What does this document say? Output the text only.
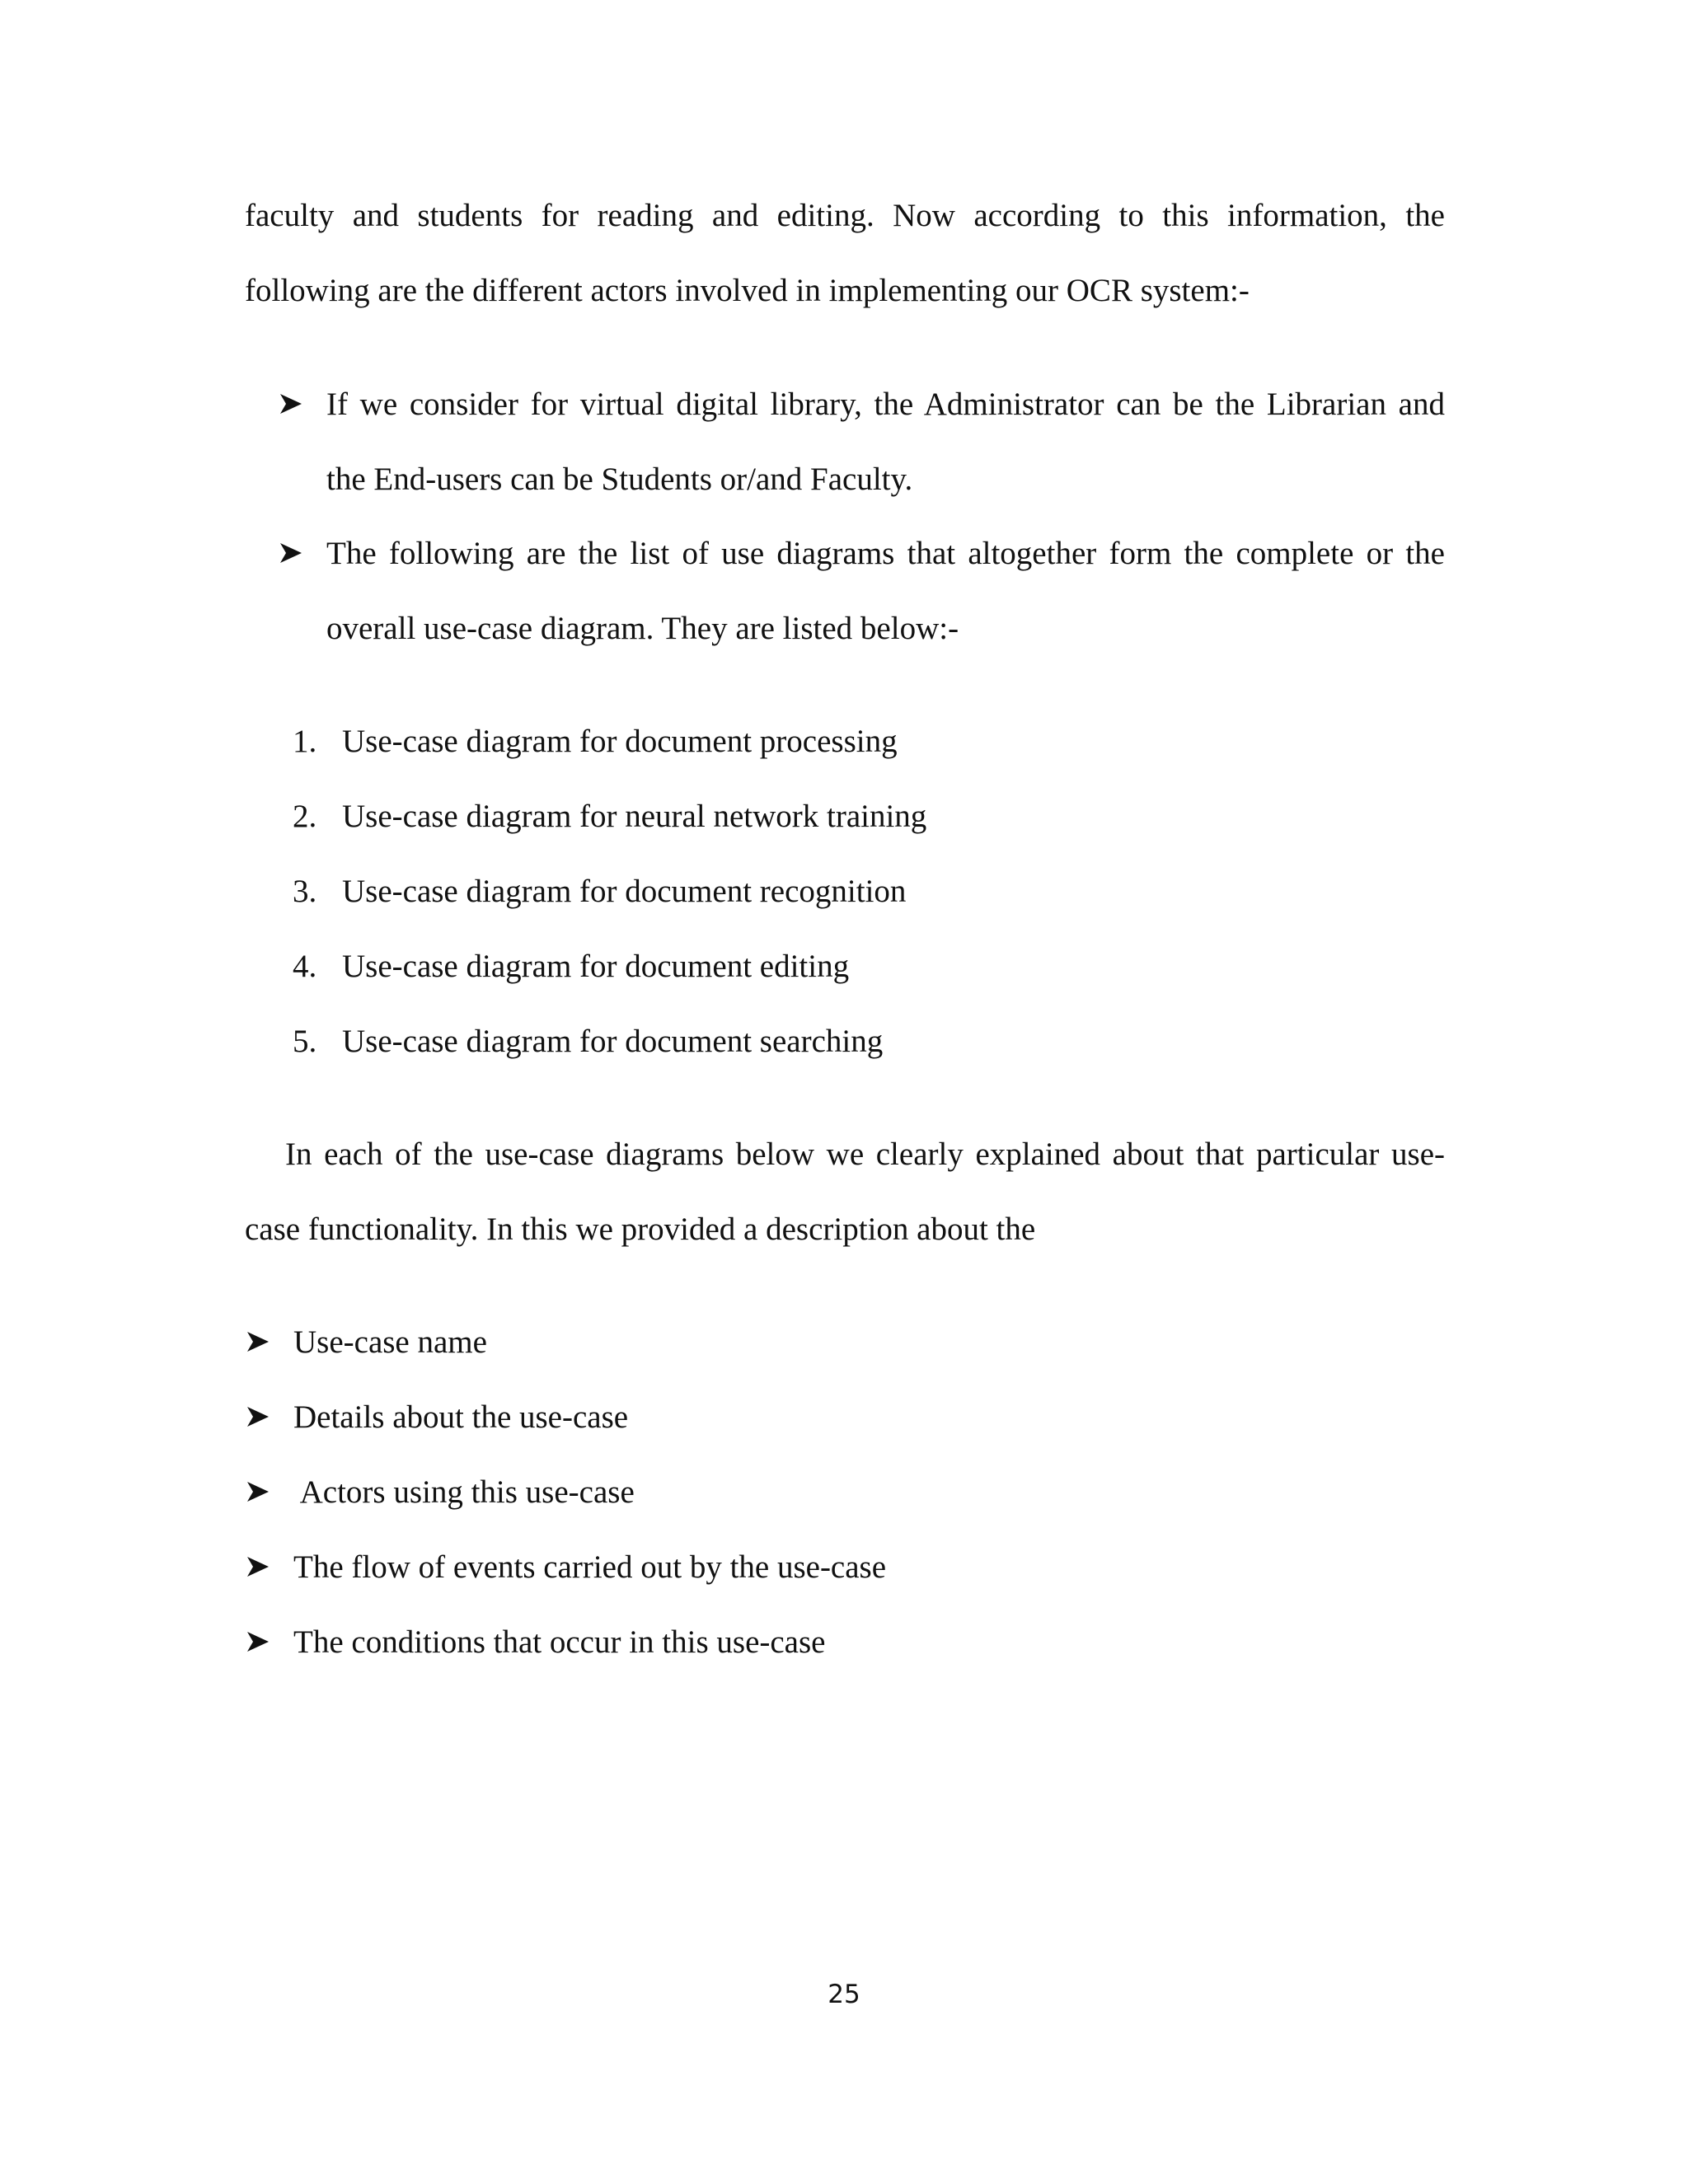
faculty and students for reading and editing. Now according to this information, the
following are the different actors involved in implementing our OCR system:-
If we consider for virtual digital library, the Administrator can be the Librarian and
the End-users can be Students or/and Faculty.
The following are the list of use diagrams that altogether form the complete or the
overall use-case diagram. They are listed below:-
1. Use-case diagram for document processing
2. Use-case diagram for neural network training
3. Use-case diagram for document recognition
4. Use-case diagram for document editing
5. Use-case diagram for document searching
In each of the use-case diagrams below we clearly explained about that particular use-
case functionality. In this we provided a description about the
Use-case name
Details about the use-case
Actors using this use-case
The flow of events carried out by the use-case
The conditions that occur in this use-case
25
